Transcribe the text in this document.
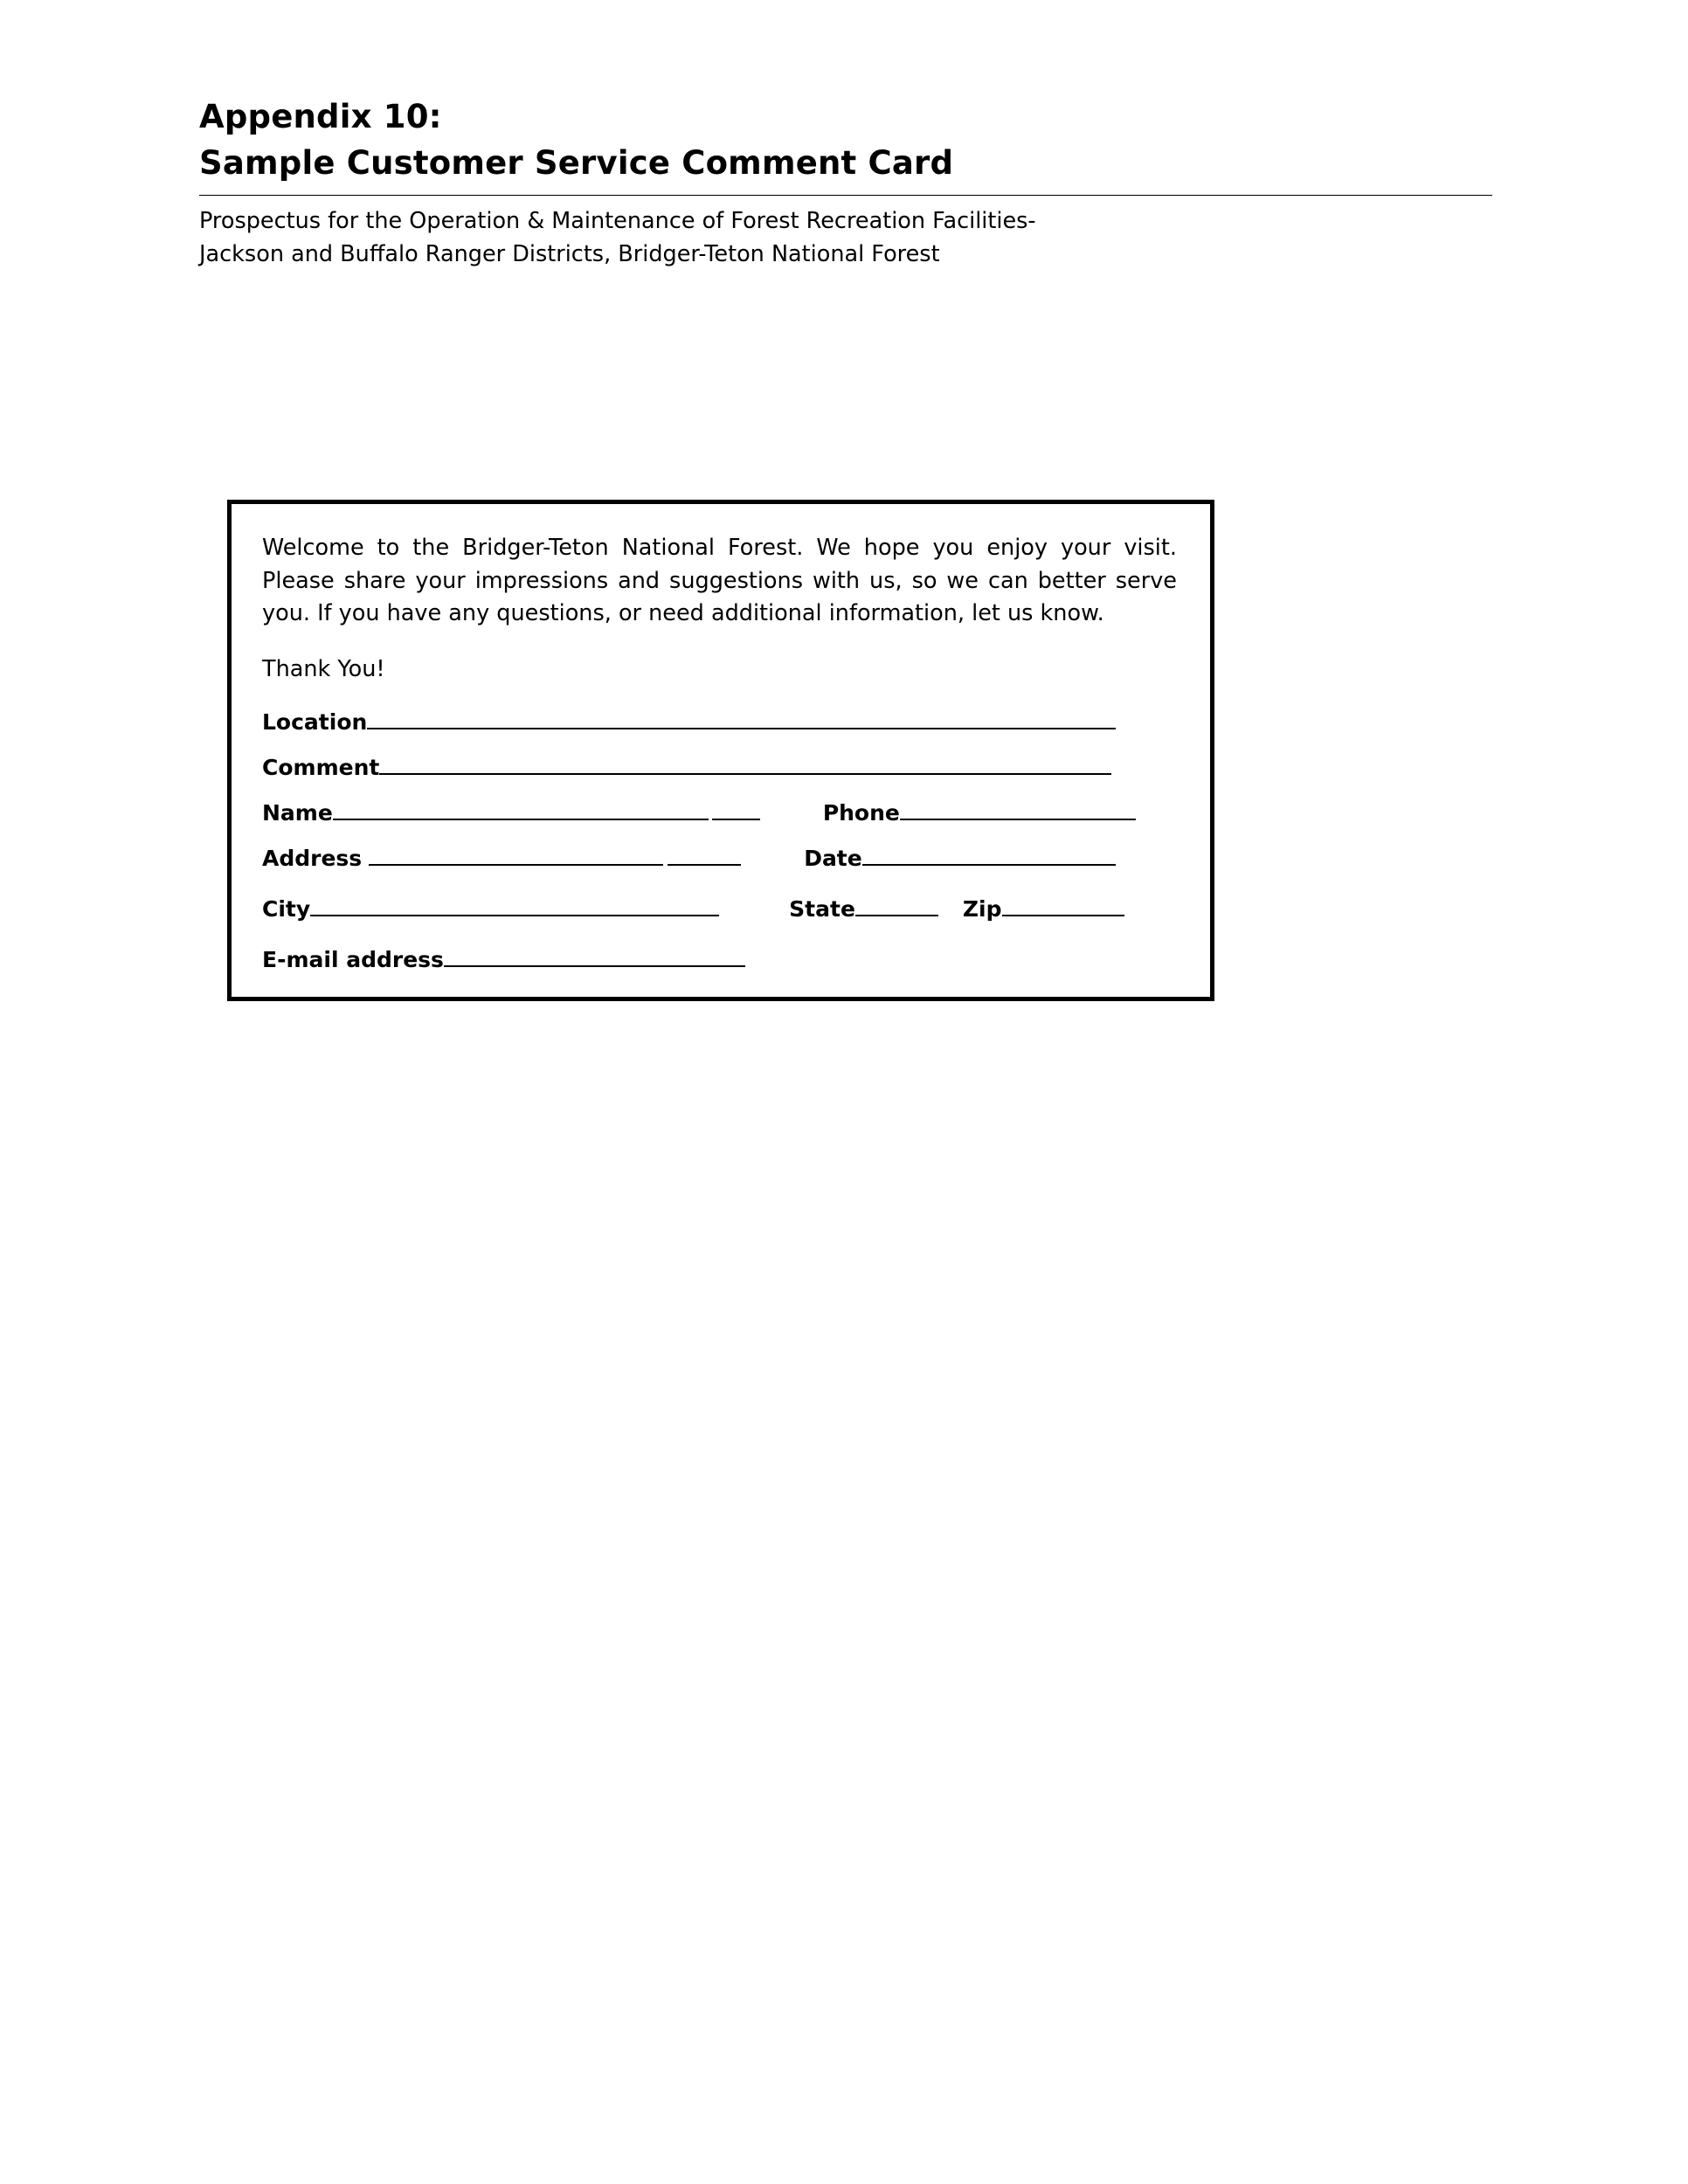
Appendix 10:
Sample Customer Service Comment Card
Prospectus for the Operation & Maintenance of Forest Recreation Facilities-
Jackson and Buffalo Ranger Districts, Bridger-Teton National Forest
Welcome to the Bridger-Teton National Forest. We hope you enjoy your visit. Please share your impressions and suggestions with us, so we can better serve you. If you have any questions, or need additional information, let us know.
Thank You!
Location
Comment
Name	Phone
Address	Date
City	State	Zip
E-mail address
